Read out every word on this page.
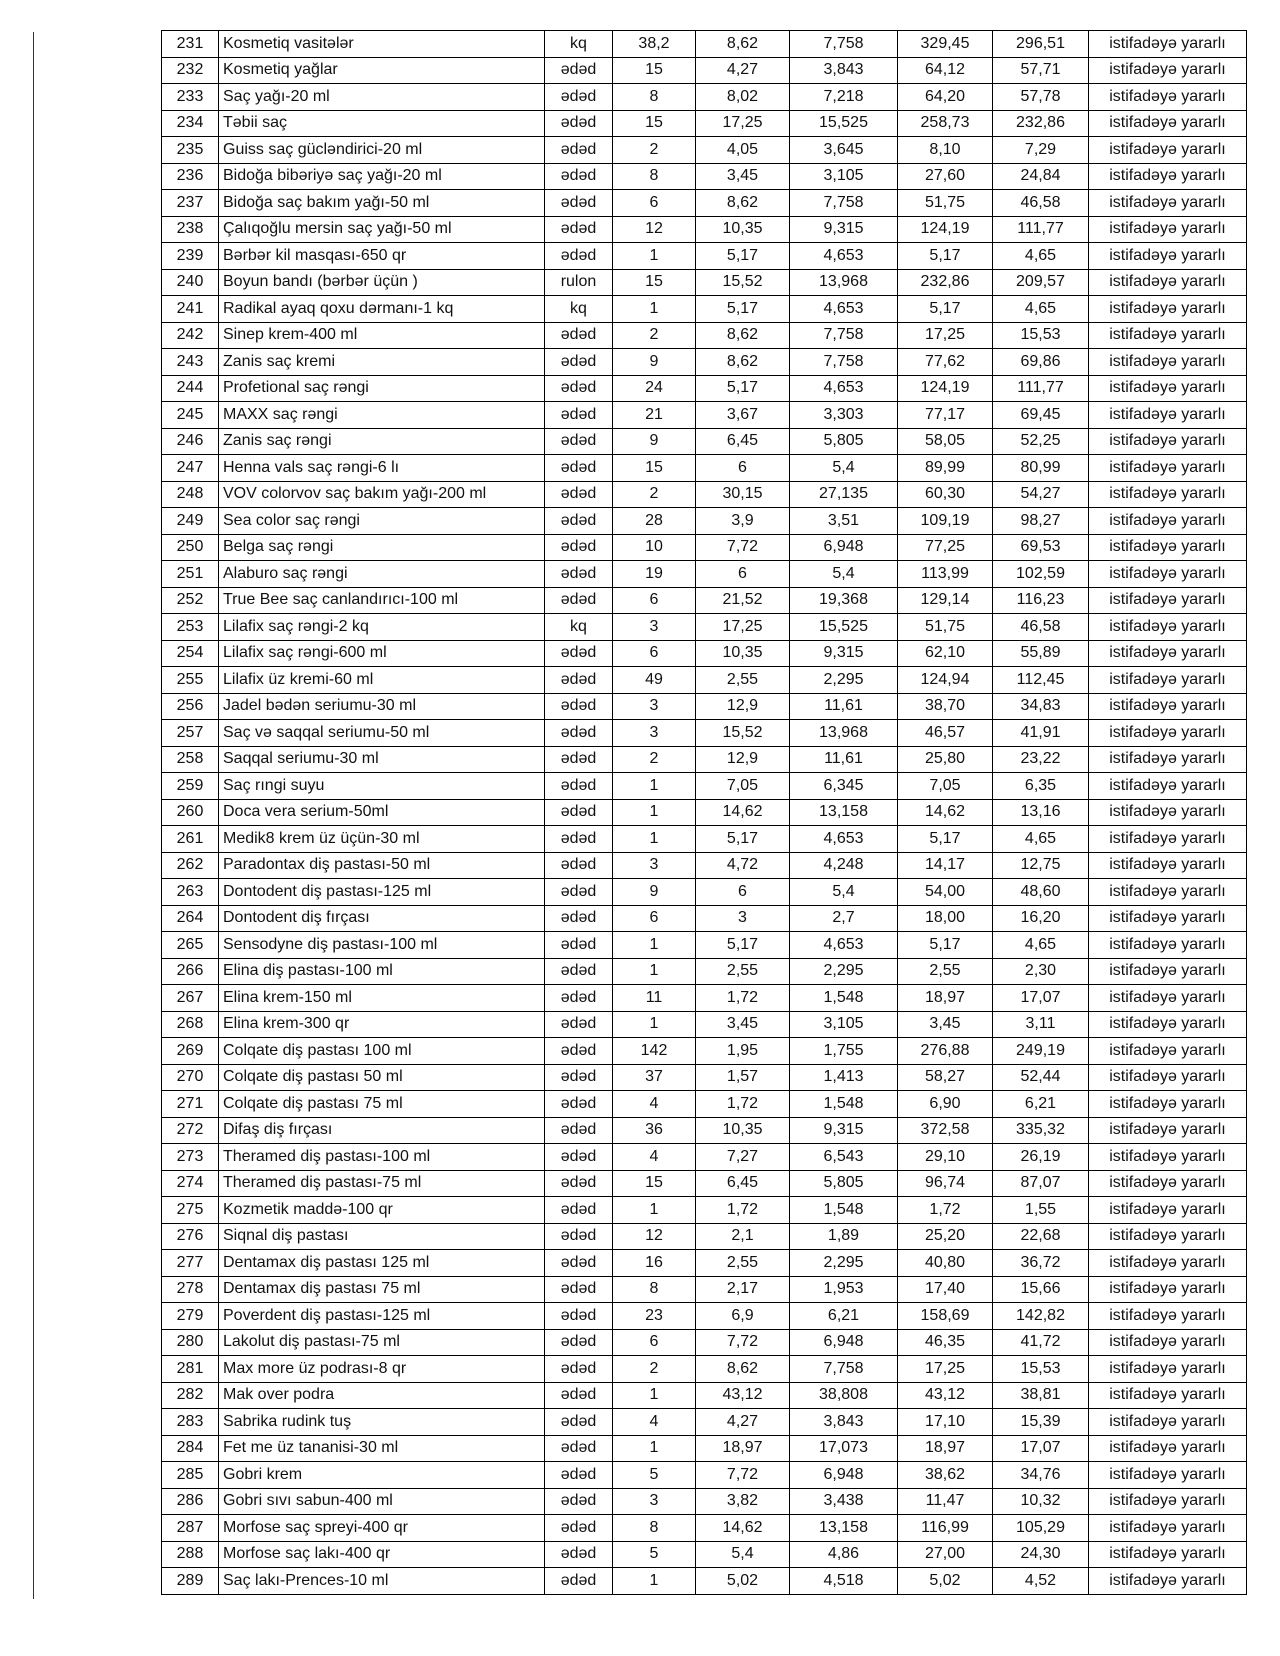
231	Kosmetiq vasitələr	kq	38,2	8,62	7,758	329,45	296,51	istifadəyə yararlı
232	Kosmetiq yağlar	ədəd	15	4,27	3,843	64,12	57,71	istifadəyə yararlı
233	Saç yağı-20 ml	ədəd	8	8,02	7,218	64,20	57,78	istifadəyə yararlı
234	Təbii saç	ədəd	15	17,25	15,525	258,73	232,86	istifadəyə yararlı
235	Guiss saç gücləndirici-20 ml	ədəd	2	4,05	3,645	8,10	7,29	istifadəyə yararlı
236	Bidoğa bibəriyə saç yağı-20 ml	ədəd	8	3,45	3,105	27,60	24,84	istifadəyə yararlı
237	Bidoğa saç bakım yağı-50 ml	ədəd	6	8,62	7,758	51,75	46,58	istifadəyə yararlı
238	Çalıqoğlu mersin saç yağı-50 ml	ədəd	12	10,35	9,315	124,19	111,77	istifadəyə yararlı
239	Bərbər kil masqası-650 qr	ədəd	1	5,17	4,653	5,17	4,65	istifadəyə yararlı
240	Boyun bandı (bərbər üçün )	rulon	15	15,52	13,968	232,86	209,57	istifadəyə yararlı
241	Radikal ayaq qoxu dərmanı-1 kq	kq	1	5,17	4,653	5,17	4,65	istifadəyə yararlı
242	Sinep krem-400 ml	ədəd	2	8,62	7,758	17,25	15,53	istifadəyə yararlı
243	Zanis saç kremi	ədəd	9	8,62	7,758	77,62	69,86	istifadəyə yararlı
244	Profetional saç rəngi	ədəd	24	5,17	4,653	124,19	111,77	istifadəyə yararlı
245	MAXX saç rəngi	ədəd	21	3,67	3,303	77,17	69,45	istifadəyə yararlı
246	Zanis saç rəngi	ədəd	9	6,45	5,805	58,05	52,25	istifadəyə yararlı
247	Henna vals saç rəngi-6 lı	ədəd	15	6	5,4	89,99	80,99	istifadəyə yararlı
248	VOV colorvov saç bakım yağı-200 ml	ədəd	2	30,15	27,135	60,30	54,27	istifadəyə yararlı
249	Sea color saç rəngi	ədəd	28	3,9	3,51	109,19	98,27	istifadəyə yararlı
250	Belga saç rəngi	ədəd	10	7,72	6,948	77,25	69,53	istifadəyə yararlı
251	Alaburo saç rəngi	ədəd	19	6	5,4	113,99	102,59	istifadəyə yararlı
252	True Bee saç canlandırıcı-100 ml	ədəd	6	21,52	19,368	129,14	116,23	istifadəyə yararlı
253	Lilafix saç rəngi-2 kq	kq	3	17,25	15,525	51,75	46,58	istifadəyə yararlı
254	Lilafix saç rəngi-600 ml	ədəd	6	10,35	9,315	62,10	55,89	istifadəyə yararlı
255	Lilafix üz kremi-60 ml	ədəd	49	2,55	2,295	124,94	112,45	istifadəyə yararlı
256	Jadel bədən seriumu-30 ml	ədəd	3	12,9	11,61	38,70	34,83	istifadəyə yararlı
257	Saç və saqqal seriumu-50 ml	ədəd	3	15,52	13,968	46,57	41,91	istifadəyə yararlı
258	Saqqal seriumu-30 ml	ədəd	2	12,9	11,61	25,80	23,22	istifadəyə yararlı
259	Saç rıngi suyu	ədəd	1	7,05	6,345	7,05	6,35	istifadəyə yararlı
260	Doca vera serium-50ml	ədəd	1	14,62	13,158	14,62	13,16	istifadəyə yararlı
261	Medik8 krem üz üçün-30 ml	ədəd	1	5,17	4,653	5,17	4,65	istifadəyə yararlı
262	Paradontax diş pastası-50 ml	ədəd	3	4,72	4,248	14,17	12,75	istifadəyə yararlı
263	Dontodent diş pastası-125 ml	ədəd	9	6	5,4	54,00	48,60	istifadəyə yararlı
264	Dontodent diş fırçası	ədəd	6	3	2,7	18,00	16,20	istifadəyə yararlı
265	Sensodyne diş pastası-100 ml	ədəd	1	5,17	4,653	5,17	4,65	istifadəyə yararlı
266	Elina diş pastası-100 ml	ədəd	1	2,55	2,295	2,55	2,30	istifadəyə yararlı
267	Elina krem-150 ml	ədəd	11	1,72	1,548	18,97	17,07	istifadəyə yararlı
268	Elina krem-300 qr	ədəd	1	3,45	3,105	3,45	3,11	istifadəyə yararlı
269	Colqate diş pastası 100 ml	ədəd	142	1,95	1,755	276,88	249,19	istifadəyə yararlı
270	Colqate diş pastası 50 ml	ədəd	37	1,57	1,413	58,27	52,44	istifadəyə yararlı
271	Colqate diş pastası 75 ml	ədəd	4	1,72	1,548	6,90	6,21	istifadəyə yararlı
272	Difaş diş fırçası	ədəd	36	10,35	9,315	372,58	335,32	istifadəyə yararlı
273	Theramed diş pastası-100 ml	ədəd	4	7,27	6,543	29,10	26,19	istifadəyə yararlı
274	Theramed diş pastası-75 ml	ədəd	15	6,45	5,805	96,74	87,07	istifadəyə yararlı
275	Kozmetik maddə-100 qr	ədəd	1	1,72	1,548	1,72	1,55	istifadəyə yararlı
276	Siqnal diş pastası	ədəd	12	2,1	1,89	25,20	22,68	istifadəyə yararlı
277	Dentamax diş pastası 125 ml	ədəd	16	2,55	2,295	40,80	36,72	istifadəyə yararlı
278	Dentamax diş pastası 75 ml	ədəd	8	2,17	1,953	17,40	15,66	istifadəyə yararlı
279	Poverdent diş pastası-125 ml	ədəd	23	6,9	6,21	158,69	142,82	istifadəyə yararlı
280	Lakolut diş pastası-75 ml	ədəd	6	7,72	6,948	46,35	41,72	istifadəyə yararlı
281	Max more üz podrası-8 qr	ədəd	2	8,62	7,758	17,25	15,53	istifadəyə yararlı
282	Mak over podra	ədəd	1	43,12	38,808	43,12	38,81	istifadəyə yararlı
283	Sabrika rudink tuş	ədəd	4	4,27	3,843	17,10	15,39	istifadəyə yararlı
284	Fet me üz tananisi-30 ml	ədəd	1	18,97	17,073	18,97	17,07	istifadəyə yararlı
285	Gobri krem	ədəd	5	7,72	6,948	38,62	34,76	istifadəyə yararlı
286	Gobri sıvı sabun-400 ml	ədəd	3	3,82	3,438	11,47	10,32	istifadəyə yararlı
287	Morfose saç spreyi-400 qr	ədəd	8	14,62	13,158	116,99	105,29	istifadəyə yararlı
288	Morfose saç lakı-400 qr	ədəd	5	5,4	4,86	27,00	24,30	istifadəyə yararlı
289	Saç lakı-Prences-10 ml	ədəd	1	5,02	4,518	5,02	4,52	istifadəyə yararlı
